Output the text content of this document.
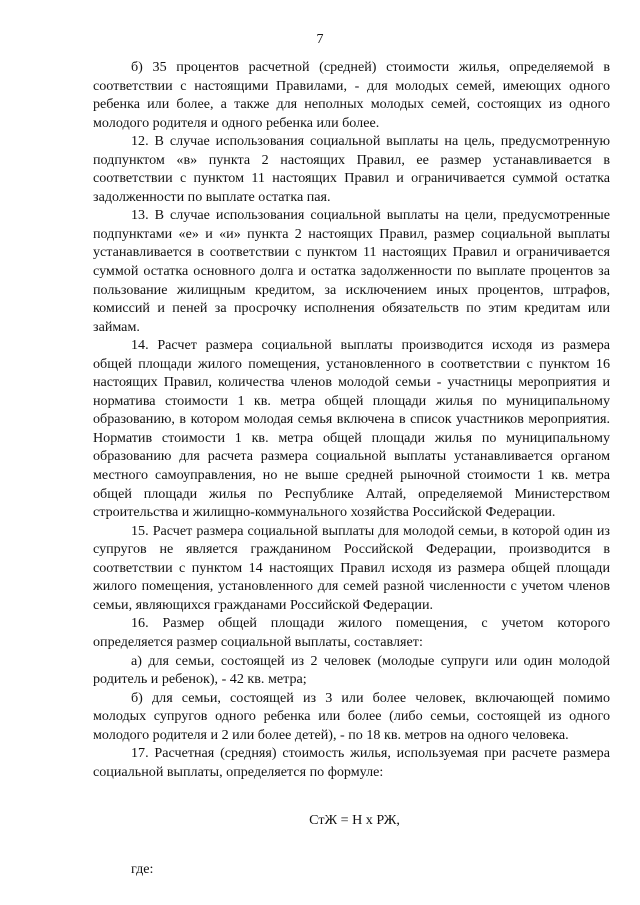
7

б) 35 процентов расчетной (средней) стоимости жилья, определяемой в соответствии с настоящими Правилами, - для молодых семей, имеющих одного ребенка или более, а также для неполных молодых семей, состоящих из одного молодого родителя и одного ребенка или более.

12. В случае использования социальной выплаты на цель, предусмотренную подпунктом «в» пункта 2 настоящих Правил, ее размер устанавливается в соответствии с пунктом 11 настоящих Правил и ограничивается суммой остатка задолженности по выплате остатка пая.

13. В случае использования социальной выплаты на цели, предусмотренные подпунктами «е» и «и» пункта 2 настоящих Правил, размер социальной выплаты устанавливается в соответствии с пунктом 11 настоящих Правил и ограничивается суммой остатка основного долга и остатка задолженности по выплате процентов за пользование жилищным кредитом, за исключением иных процентов, штрафов, комиссий и пеней за просрочку исполнения обязательств по этим кредитам или займам.

14. Расчет размера социальной выплаты производится исходя из размера общей площади жилого помещения, установленного в соответствии с пунктом 16 настоящих Правил, количества членов молодой семьи - участницы мероприятия и норматива стоимости 1 кв. метра общей площади жилья по муниципальному образованию, в котором молодая семья включена в список участников мероприятия. Норматив стоимости 1 кв. метра общей площади жилья по муниципальному образованию для расчета размера социальной выплаты устанавливается органом местного самоуправления, но не выше средней рыночной стоимости 1 кв. метра общей площади жилья по Республике Алтай, определяемой Министерством строительства и жилищно-коммунального хозяйства Российской Федерации.

15. Расчет размера социальной выплаты для молодой семьи, в которой один из супругов не является гражданином Российской Федерации, производится в соответствии с пунктом 14 настоящих Правил исходя из размера общей площади жилого помещения, установленного для семей разной численности с учетом членов семьи, являющихся гражданами Российской Федерации.

16. Размер общей площади жилого помещения, с учетом которого определяется размер социальной выплаты, составляет:

а) для семьи, состоящей из 2 человек (молодые супруги или один молодой родитель и ребенок), - 42 кв. метра;

б) для семьи, состоящей из 3 или более человек, включающей помимо молодых супругов одного ребенка или более (либо семьи, состоящей из одного молодого родителя и 2 или более детей), - по 18 кв. метров на одного человека.

17. Расчетная (средняя) стоимость жилья, используемая при расчете размера социальной выплаты, определяется по формуле:

СтЖ = Н х РЖ,

где:
